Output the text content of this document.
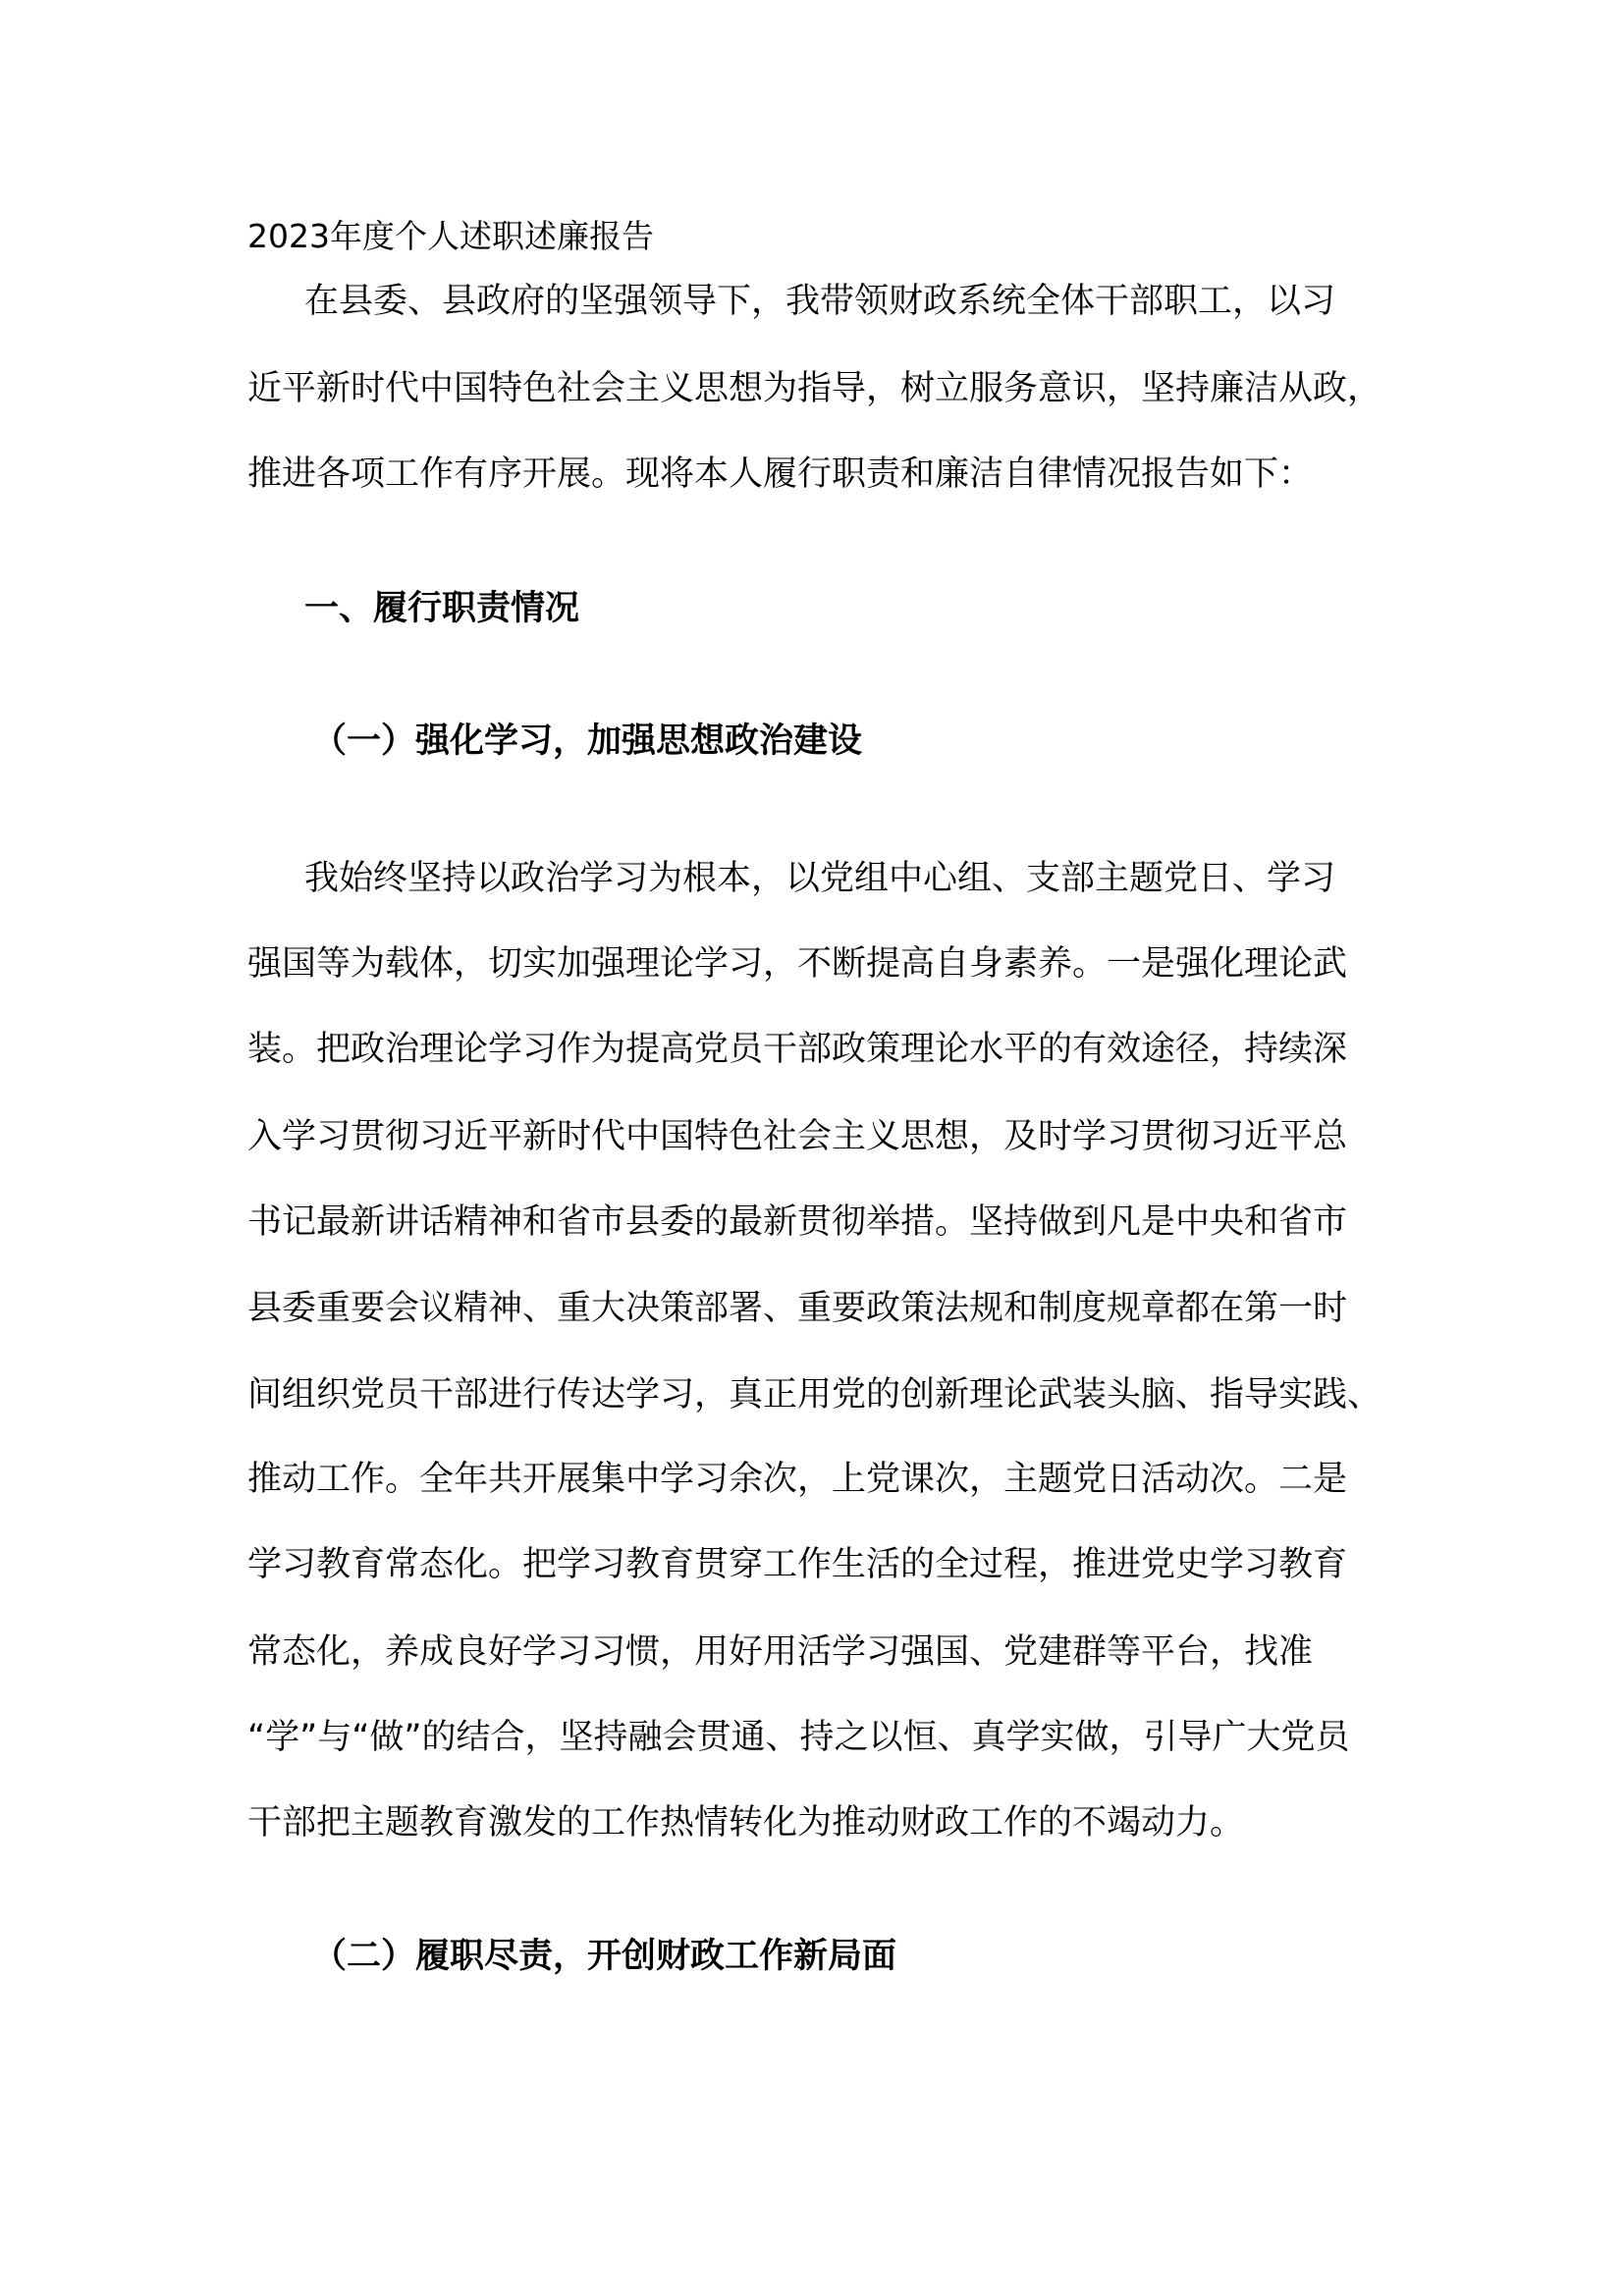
2023年度个人述职述廉报告
在县委、县政府的坚强领导下，我带领财政系统全体干部职工，以习
近平新时代中国特色社会主义思想为指导，树立服务意识，坚持廉洁从政，
推进各项工作有序开展。现将本人履行职责和廉洁自律情况报告如下：
一、履行职责情况
（一）强化学习，加强思想政治建设
我始终坚持以政治学习为根本，以党组中心组、支部主题党日、学习
强国等为载体，切实加强理论学习，不断提高自身素养。一是强化理论武
装。把政治理论学习作为提高党员干部政策理论水平的有效途径，持续深
入学习贯彻习近平新时代中国特色社会主义思想，及时学习贯彻习近平总
书记最新讲话精神和省市县委的最新贯彻举措。坚持做到凡是中央和省市
县委重要会议精神、重大决策部署、重要政策法规和制度规章都在第一时
间组织党员干部进行传达学习，真正用党的创新理论武装头脑、指导实践、
推动工作。全年共开展集中学习余次，上党课次，主题党日活动次。二是
学习教育常态化。把学习教育贯穿工作生活的全过程，推进党史学习教育
常态化，养成良好学习习惯，用好用活学习强国、党建群等平台，找准
“学”与“做”的结合，坚持融会贯通、持之以恒、真学实做，引导广大党员
干部把主题教育激发的工作热情转化为推动财政工作的不竭动力。
（二）履职尽责，开创财政工作新局面
